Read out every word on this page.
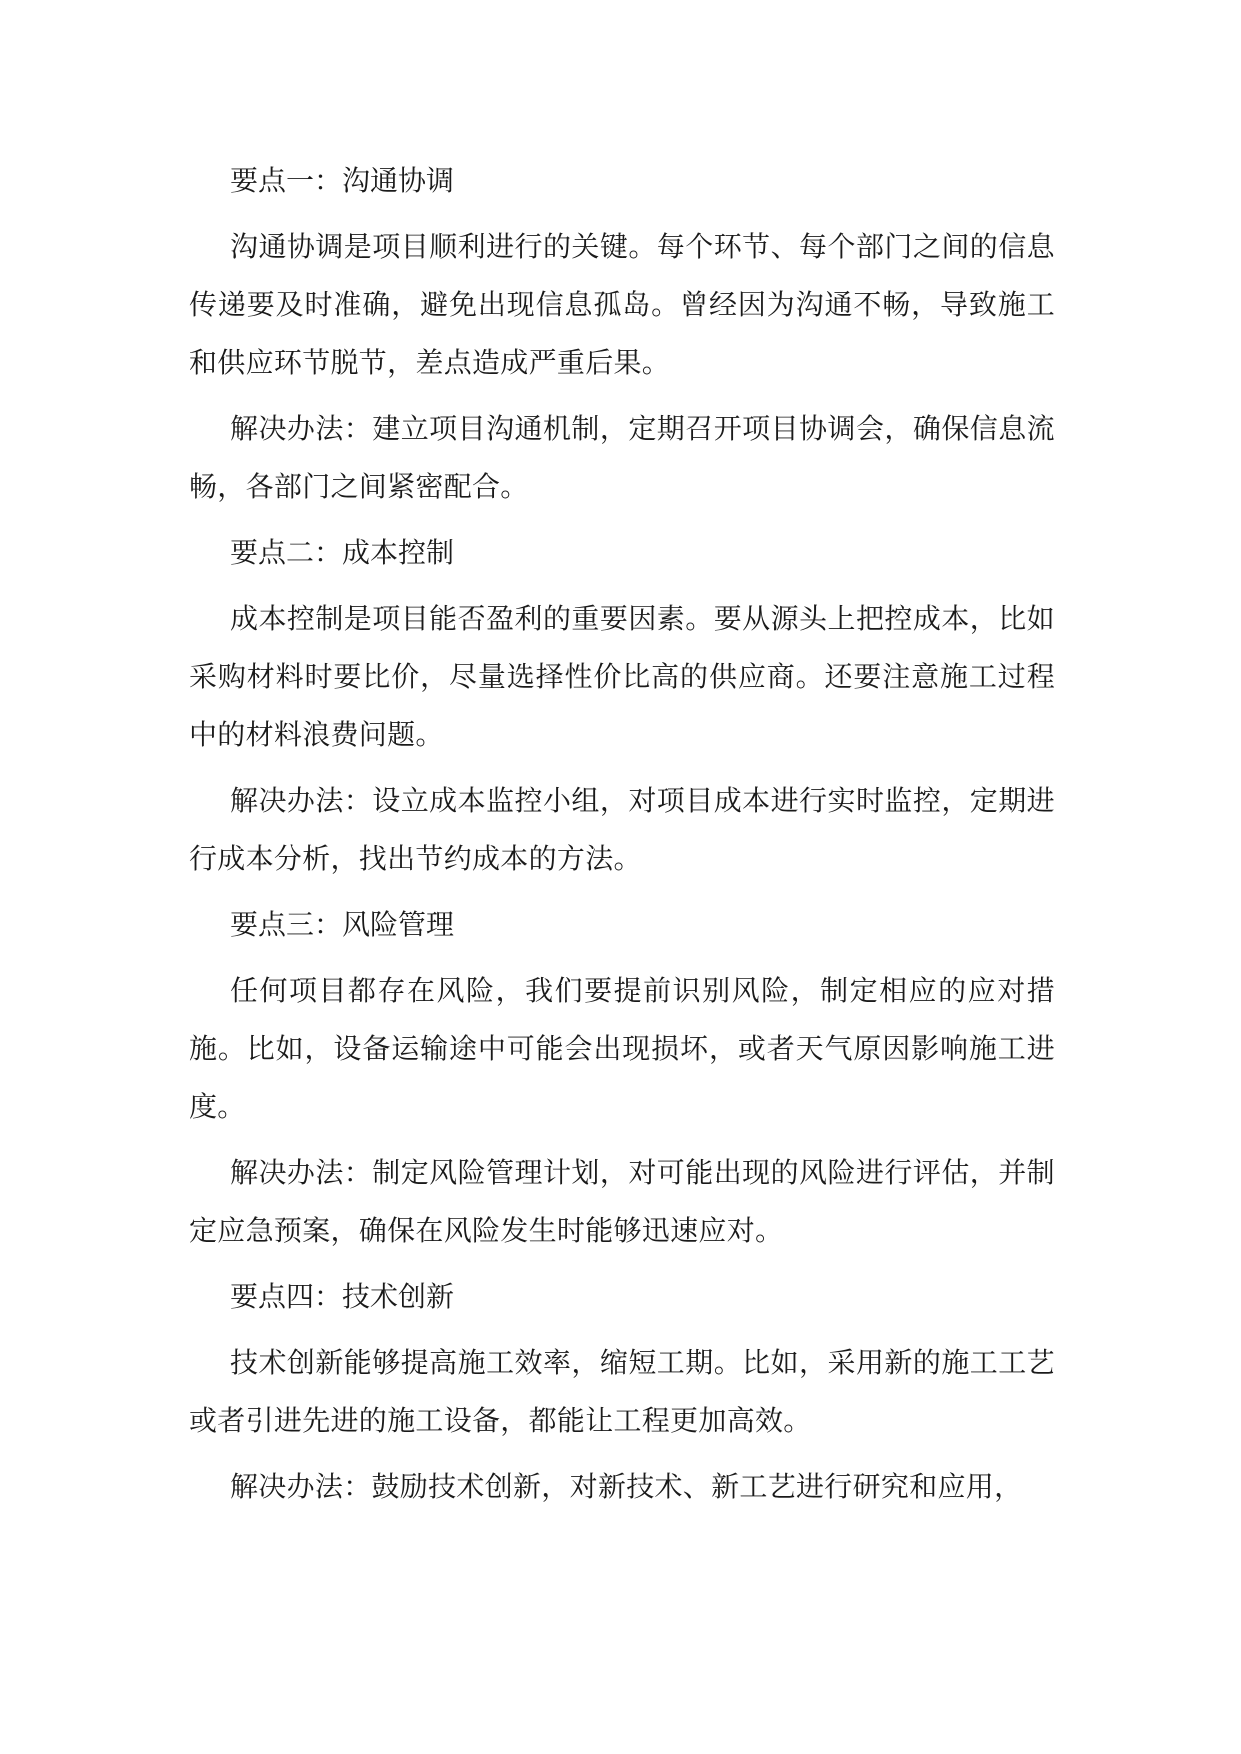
要点一：沟通协调

沟通协调是项目顺利进行的关键。每个环节、每个部门之间的信息传递要及时准确，避免出现信息孤岛。曾经因为沟通不畅，导致施工和供应环节脱节，差点造成严重后果。

解决办法：建立项目沟通机制，定期召开项目协调会，确保信息流畅，各部门之间紧密配合。

要点二：成本控制

成本控制是项目能否盈利的重要因素。要从源头上把控成本，比如采购材料时要比价，尽量选择性价比高的供应商。还要注意施工过程中的材料浪费问题。

解决办法：设立成本监控小组，对项目成本进行实时监控，定期进行成本分析，找出节约成本的方法。

要点三：风险管理

任何项目都存在风险，我们要提前识别风险，制定相应的应对措施。比如，设备运输途中可能会出现损坏，或者天气原因影响施工进度。

解决办法：制定风险管理计划，对可能出现的风险进行评估，并制定应急预案，确保在风险发生时能够迅速应对。

要点四：技术创新

技术创新能够提高施工效率，缩短工期。比如，采用新的施工工艺或者引进先进的施工设备，都能让工程更加高效。

解决办法：鼓励技术创新，对新技术、新工艺进行研究和应用，
